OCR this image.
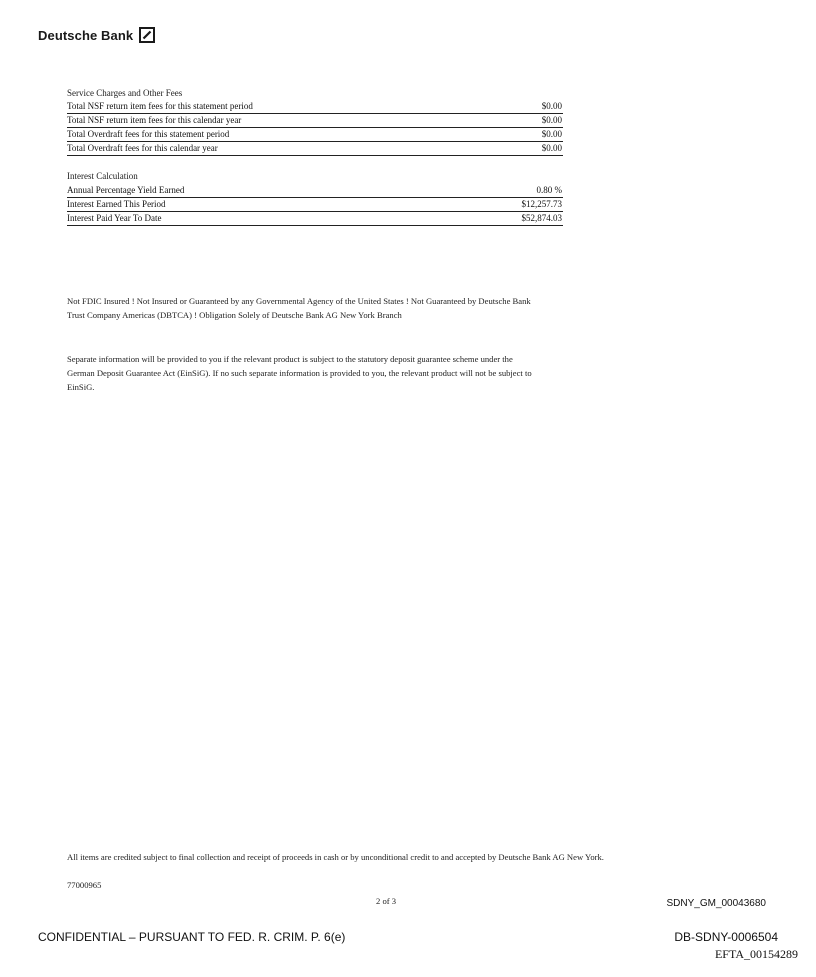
Deutsche Bank
Service Charges and Other Fees
Total NSF return item fees for this statement period	$0.00
Total NSF return item fees for this calendar year	$0.00
Total Overdraft fees for this statement period	$0.00
Total Overdraft fees for this calendar year	$0.00
Interest Calculation
Annual Percentage Yield Earned	0.80 %
Interest Earned This Period	$12,257.73
Interest Paid Year To Date	$52,874.03

Not FDIC Insured ! Not Insured or Guaranteed by any Governmental Agency of the United States ! Not Guaranteed by Deutsche Bank Trust Company Americas (DBTCA) ! Obligation Solely of Deutsche Bank AG New York Branch

Separate information will be provided to you if the relevant product is subject to the statutory deposit guarantee scheme under the German Deposit Guarantee Act (EinSiG). If no such separate information is provided to you, the relevant product will not be subject to EinSiG.

All items are credited subject to final collection and receipt of proceeds in cash or by unconditional credit to and accepted by Deutsche Bank AG New York.
77000965
2 of 3	SDNY_GM_00043680
CONFIDENTIAL – PURSUANT TO FED. R. CRIM. P. 6(e)	DB-SDNY-0006504
EFTA_00154289
